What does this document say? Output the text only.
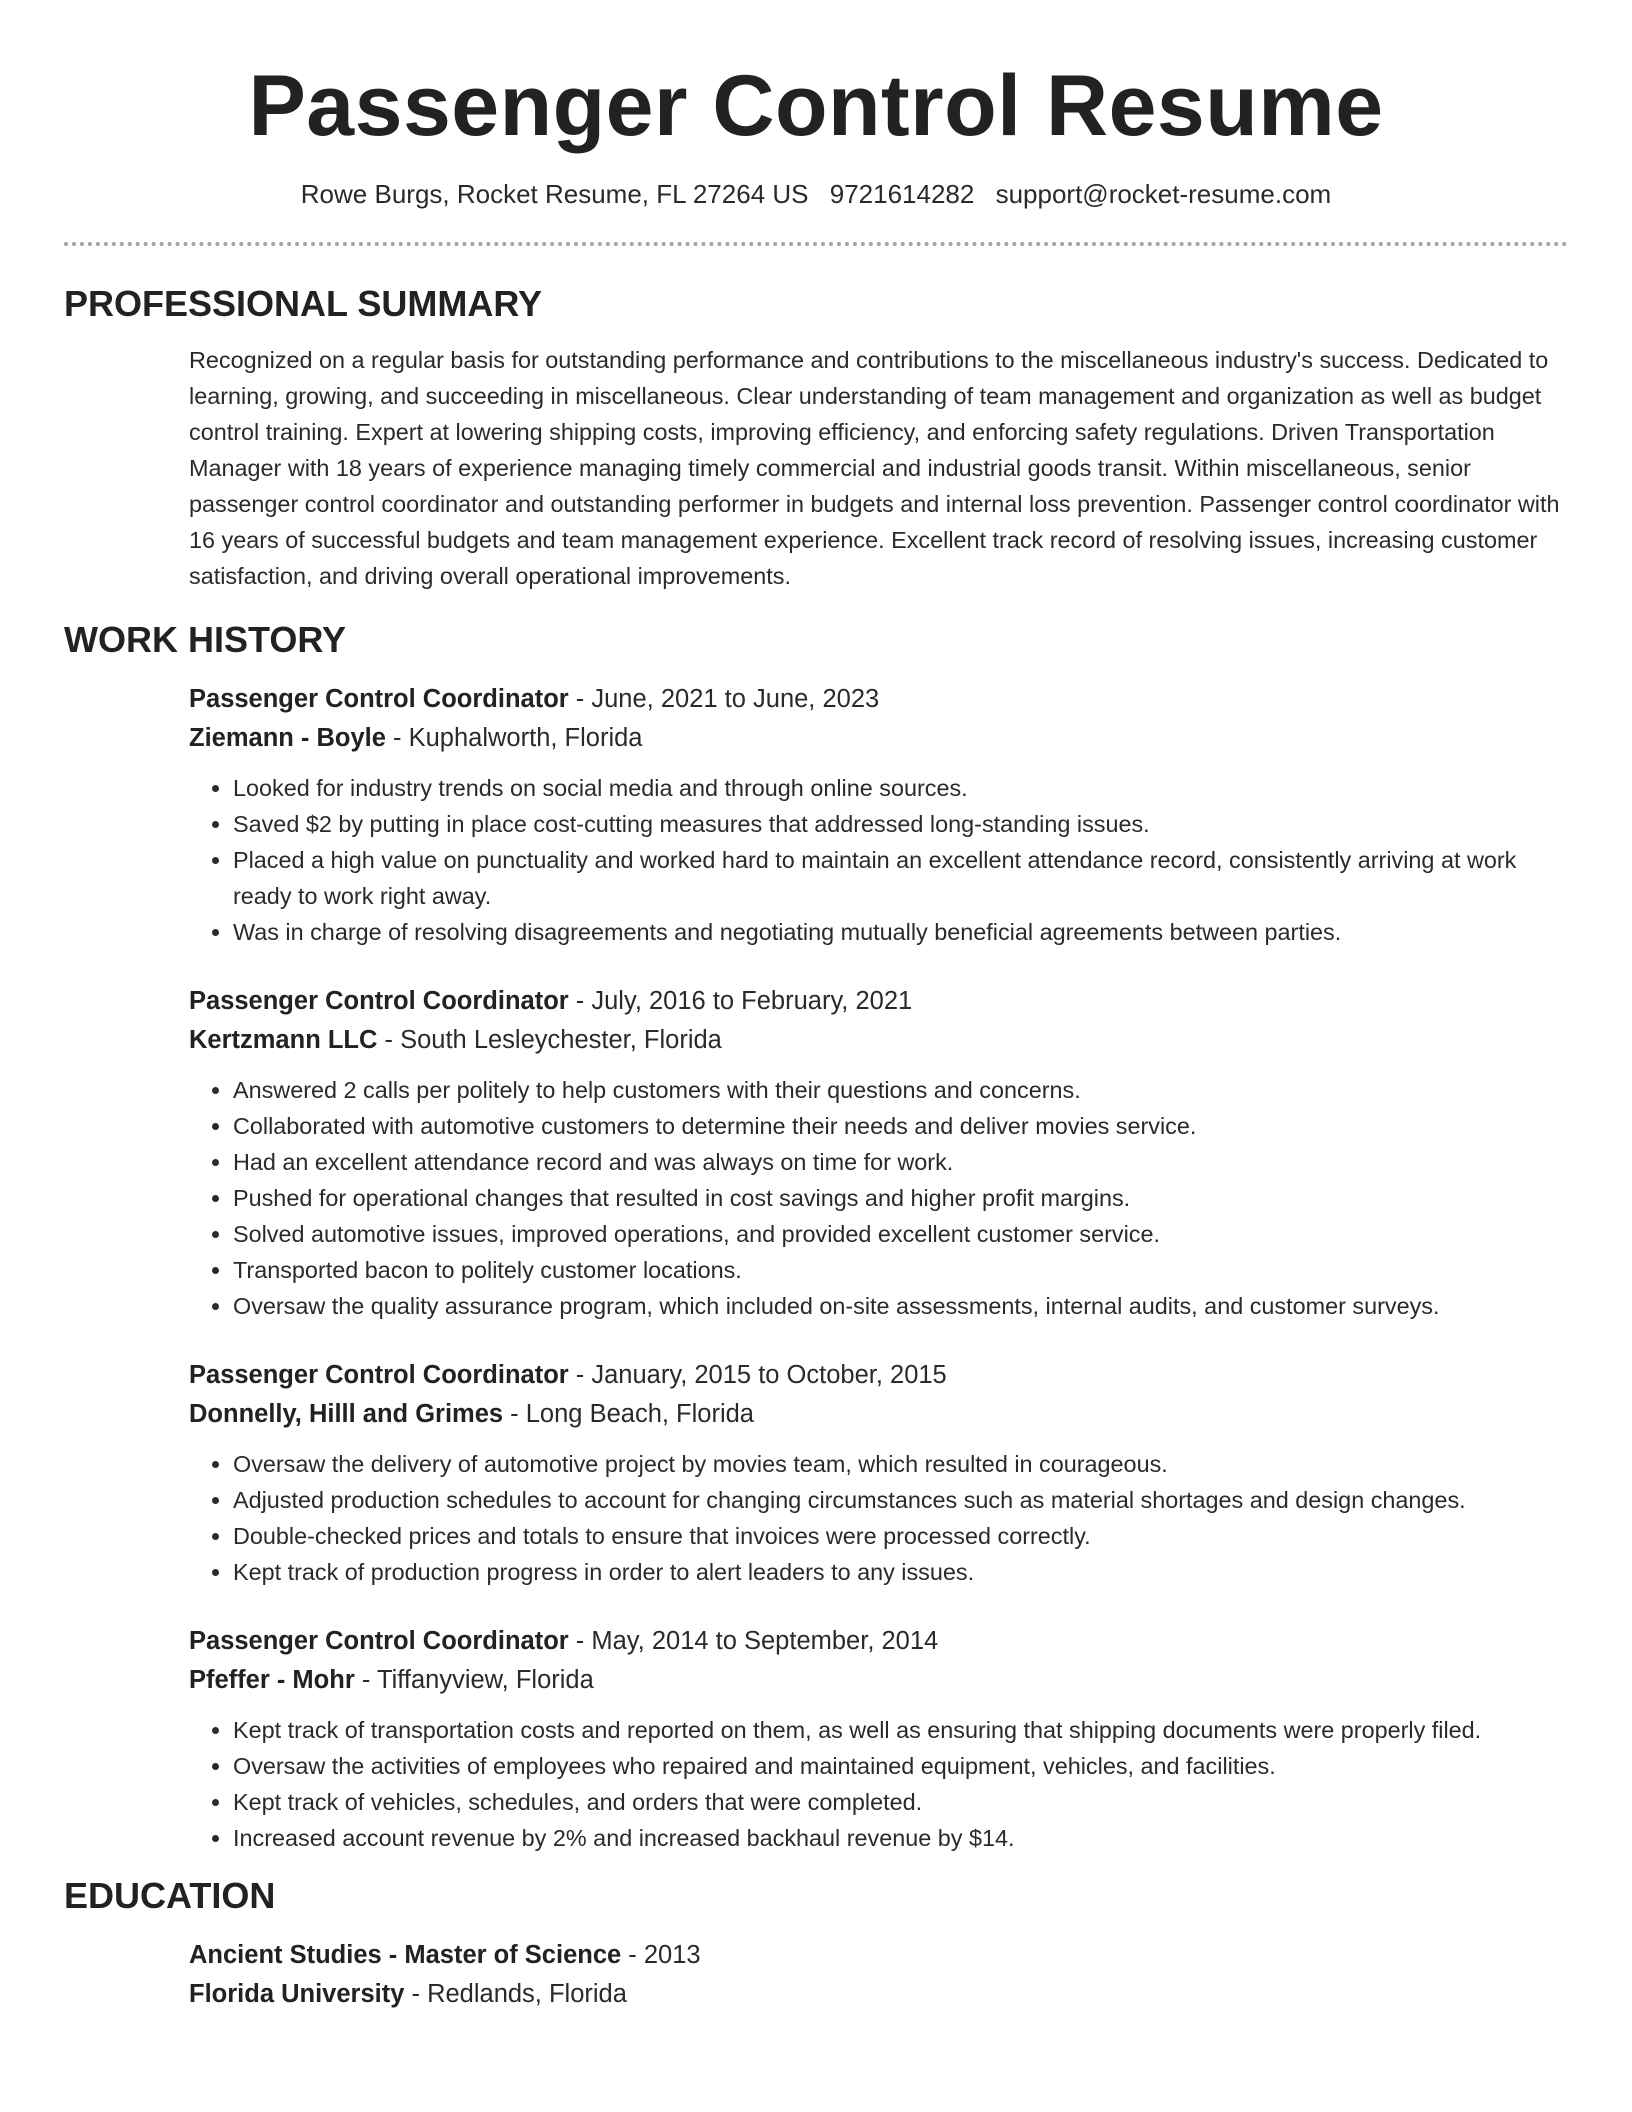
Passenger Control Resume
Rowe Burgs, Rocket Resume, FL 27264 US 9721614282 support@rocket-resume.com
PROFESSIONAL SUMMARY

Recognized on a regular basis for outstanding performance and contributions to the miscellaneous industry's success. Dedicated to learning, growing, and succeeding in miscellaneous. Clear understanding of team management and organization as well as budget control training. Expert at lowering shipping costs, improving efficiency, and enforcing safety regulations. Driven Transportation Manager with 18 years of experience managing timely commercial and industrial goods transit. Within miscellaneous, senior passenger control coordinator and outstanding performer in budgets and internal loss prevention. Passenger control coordinator with 16 years of successful budgets and team management experience. Excellent track record of resolving issues, increasing customer satisfaction, and driving overall operational improvements.

WORK HISTORY
Passenger Control Coordinator - June, 2021 to June, 2023
Ziemann - Boyle - Kuphalworth, Florida
• Looked for industry trends on social media and through online sources.
• Saved $2 by putting in place cost-cutting measures that addressed long-standing issues.
• Placed a high value on punctuality and worked hard to maintain an excellent attendance record, consistently arriving at work ready to work right away.
• Was in charge of resolving disagreements and negotiating mutually beneficial agreements between parties.
Passenger Control Coordinator - July, 2016 to February, 2021
Kertzmann LLC - South Lesleychester, Florida
• Answered 2 calls per politely to help customers with their questions and concerns.
• Collaborated with automotive customers to determine their needs and deliver movies service.
• Had an excellent attendance record and was always on time for work.
• Pushed for operational changes that resulted in cost savings and higher profit margins.
• Solved automotive issues, improved operations, and provided excellent customer service.
• Transported bacon to politely customer locations.
• Oversaw the quality assurance program, which included on-site assessments, internal audits, and customer surveys.
Passenger Control Coordinator - January, 2015 to October, 2015
Donnelly, Hilll and Grimes - Long Beach, Florida
• Oversaw the delivery of automotive project by movies team, which resulted in courageous.
• Adjusted production schedules to account for changing circumstances such as material shortages and design changes.
• Double-checked prices and totals to ensure that invoices were processed correctly.
• Kept track of production progress in order to alert leaders to any issues.
Passenger Control Coordinator - May, 2014 to September, 2014
Pfeffer - Mohr - Tiffanyview, Florida
• Kept track of transportation costs and reported on them, as well as ensuring that shipping documents were properly filed.
• Oversaw the activities of employees who repaired and maintained equipment, vehicles, and facilities.
• Kept track of vehicles, schedules, and orders that were completed.
• Increased account revenue by 2% and increased backhaul revenue by $14.
EDUCATION
Ancient Studies - Master of Science - 2013
Florida University - Redlands, Florida
